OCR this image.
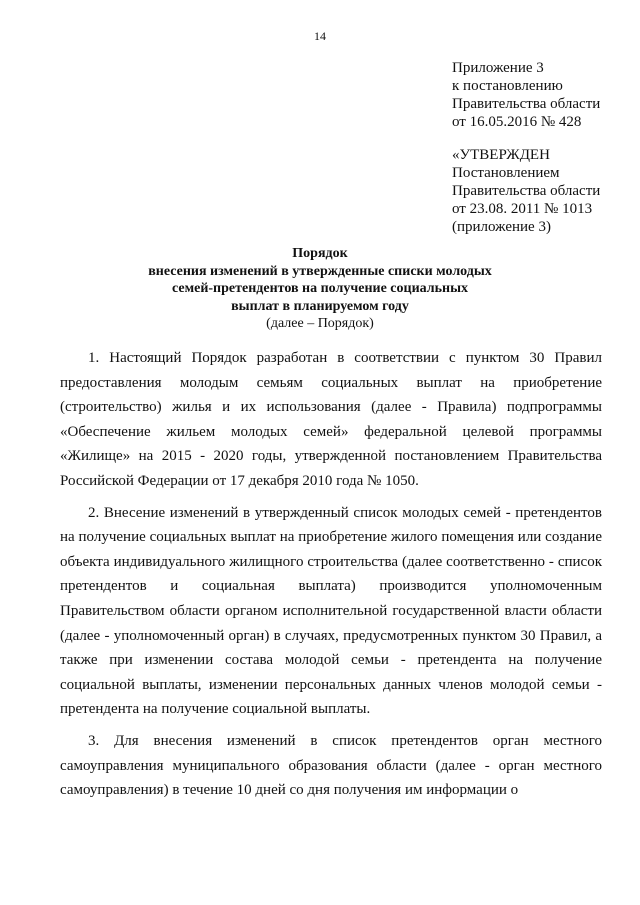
14
Приложение 3
к постановлению
Правительства области
от 16.05.2016 № 428
«УТВЕРЖДЕН
Постановлением
Правительства области
от 23.08. 2011 № 1013
(приложение 3)
Порядок
внесения изменений в утвержденные списки молодых
семей-претендентов на получение социальных
выплат в планируемом году
(далее – Порядок)

1. Настоящий Порядок разработан в соответствии с пунктом 30 Правил предоставления молодым семьям социальных выплат на приобретение (строительство) жилья и их использования (далее - Правила) подпрограммы «Обеспечение жильем молодых семей» федеральной целевой программы «Жилище» на 2015 - 2020 годы, утвержденной постановлением Правительства Российской Федерации от 17 декабря 2010 года № 1050.

2. Внесение изменений в утвержденный список молодых семей - претендентов на получение социальных выплат на приобретение жилого помещения или создание объекта индивидуального жилищного строительства (далее соответственно - список претендентов и социальная выплата) производится уполномоченным Правительством области органом исполнительной государственной власти области (далее - уполномоченный орган) в случаях, предусмотренных пунктом 30 Правил, а также при изменении состава молодой семьи - претендента на получение социальной выплаты, изменении персональных данных членов молодой семьи - претендента на получение социальной выплаты.

3. Для внесения изменений в список претендентов орган местного самоуправления муниципального образования области (далее - орган местного самоуправления) в течение 10 дней со дня получения им информации о
